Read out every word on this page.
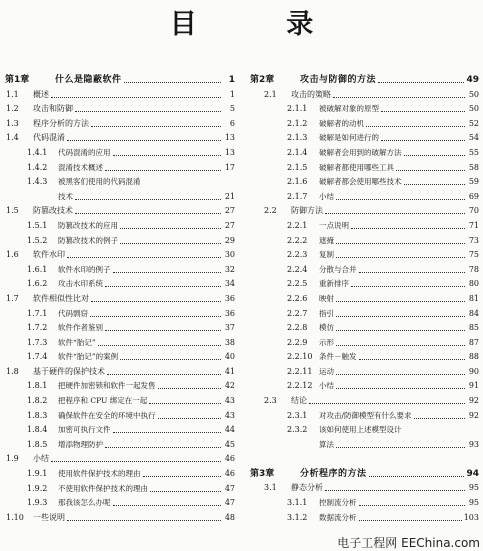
目 录
第1章	什么是隐蔽软件	1
1.1	概述	1
1.2	攻击和防御	5
1.3	程序分析的方法	6
1.4	代码混淆	13
1.4.1	代码混淆的应用	13
1.4.2	混淆技术概述	17
1.4.3	被黑客们使用的代码混淆
技术	21
1.5	防篡改技术	27
1.5.1	防篡改技术的应用	27
1.5.2	防篡改技术的例子	29
1.6	软件水印	30
1.6.1	软件水印的例子	32
1.6.2	攻击水印系统	34
1.7	软件相似性比对	36
1.7.1	代码剽窃	36
1.7.2	软件作者鉴别	37
1.7.3	软件“胎记”	38
1.7.4	软件“胎记”的案例	40
1.8	基于硬件的保护技术	41
1.8.1	把硬件加密锁和软件一起发售	42
1.8.2	把程序和 CPU 绑定在一起	43
1.8.3	确保软件在安全的环境中执行	43
1.8.4	加密可执行文件	44
1.8.5	增添物理防护	45
1.9	小结	46
1.9.1	使用软件保护技术的理由	46
1.9.2	不使用软件保护技术的理由	47
1.9.3	那我该怎么办呢	47
1.10	一些说明	48
第2章	攻击与防御的方法	49
2.1	攻击的策略	50
2.1.1	被破解对象的原型	50
2.1.2	破解者的动机	52
2.1.3	破解是如何进行的	54
2.1.4	破解者会用到的破解方法	55
2.1.5	破解者都使用哪些工具	58
2.1.6	破解者都会使用哪些技术	59
2.1.7	小结	69
2.2	防御方法	70
2.2.1	一点说明	71
2.2.2	遮掩	73
2.2.3	复制	75
2.2.4	分散与合并	78
2.2.5	重新排序	80
2.2.6	映射	81
2.2.7	指引	84
2.2.8	模仿	85
2.2.9	示形	87
2.2.10 条件－触发	88
2.2.11 运动	90
2.2.12 小结	91
2.3	结论	92
2.3.1	对攻击/防御模型有什么要求	92
2.3.2	该如何使用上述模型设计
算法	93
第3章	分析程序的方法	94
3.1	静态分析	95
3.1.1	控制流分析	95
3.1.2	数据流分析	103
电子工程网 EEChina.com
